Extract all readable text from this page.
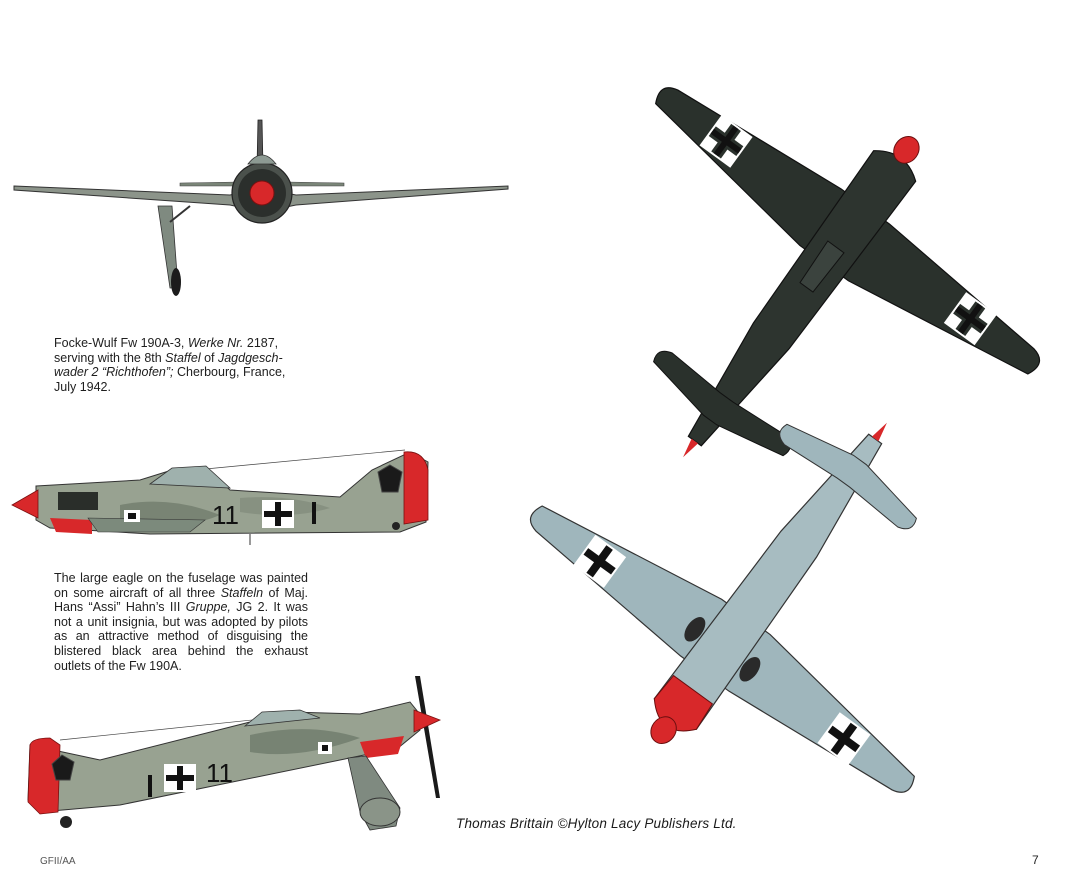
11
11
Focke-Wulf Fw 190A-3, Werke Nr. 2187,
serving with the 8th Staffel of Jagdgesch-
wader 2 “Richthofen”; Cherbourg, France,
July 1942.
The large eagle on the fuselage was painted on some aircraft of all three Staffeln of Maj. Hans “Assi” Hahn’s III Gruppe, JG 2. It was not a unit insignia, but was adopted by pilots as an attractive method of disguising the blistered black area behind the exhaust outlets of the Fw 190A.
Thomas Brittain ©Hylton Lacy Publishers Ltd.
GFII/AA	7
